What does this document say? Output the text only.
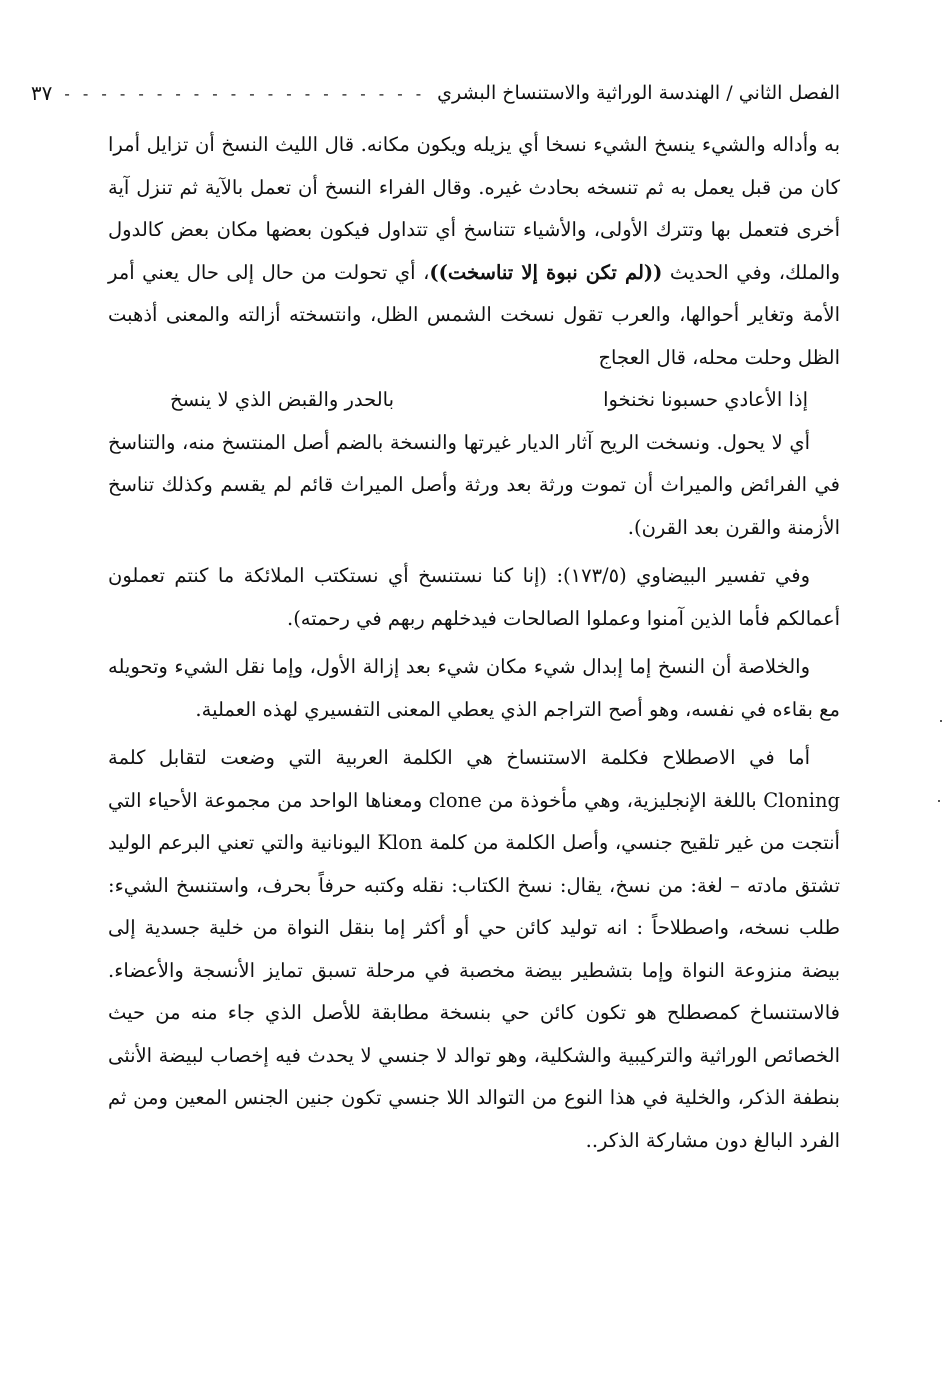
الفصل الثاني / الهندسة الوراثية والاستنساخ البشري
- - - - - - - - - - - - - - - - - - - -
٣٧

به وأداله والشيء ينسخ الشيء نسخا أي يزيله ويكون مكانه. قال الليث النسخ أن تزايل أمرا كان من قبل يعمل به ثم تنسخه بحادث غيره. وقال الفراء النسخ أن تعمل بالآية ثم تنزل آية أخرى فتعمل بها وتترك الأولى، والأشياء تتناسخ أي تتداول فيكون بعضها مكان بعض كالدول والملك، وفي الحديث ((لم تكن نبوة إلا تناسخت))، أي تحولت من حال إلى حال يعني أمر الأمة وتغاير أحوالها، والعرب تقول نسخت الشمس الظل، وانتسخته أزالته والمعنى أذهبت الظل وحلت محله، قال العجاج

إذا الأعادي حسبونا نخنخوا
بالحدر والقبض الذي لا ينسخ

أي لا يحول. ونسخت الريح آثار الديار غيرتها والنسخة بالضم أصل المنتسخ منه، والتناسخ في الفرائض والميراث أن تموت ورثة بعد ورثة وأصل الميراث قائم لم يقسم وكذلك تناسخ الأزمنة والقرن بعد القرن).

وفي تفسير البيضاوي (١٧٣/٥): (إنا كنا نستنسخ أي نستكتب الملائكة ما كنتم تعملون أعمالكم فأما الذين آمنوا وعملوا الصالحات فيدخلهم ربهم في رحمته).

والخلاصة أن النسخ إما إبدال شيء مكان شيء بعد إزالة الأول، وإما نقل الشيء وتحويله مع بقاءه في نفسه، وهو أصح التراجم الذي يعطي المعنى التفسيري لهذه العملية.

أما في الاصطلاح فكلمة الاستنساخ هي الكلمة العربية التي وضعت لتقابل كلمة Cloning باللغة الإنجليزية، وهي مأخوذة من clone ومعناها الواحد من مجموعة الأحياء التي أنتجت من غير تلقيح جنسي، وأصل الكلمة من كلمة Klon اليونانية والتي تعني البرعم الوليد تشتق مادته – لغة: من نسخ، يقال: نسخ الكتاب: نقله وكتبه حرفاً بحرف، واستنسخ الشيء: طلب نسخه، واصطلاحاً : انه توليد كائن حي أو أكثر إما بنقل النواة من خلية جسدية إلى بيضة منزوعة النواة وإما بتشطير بيضة مخصبة في مرحلة تسبق تمايز الأنسجة والأعضاء. فالاستنساخ كمصطلح هو تكون كائن حي بنسخة مطابقة للأصل الذي جاء منه من حيث الخصائص الوراثية والتركيبية والشكلية، وهو توالد لا جنسي لا يحدث فيه إخصاب لبيضة الأنثى بنطفة الذكر، والخلية في هذا النوع من التوالد اللا جنسي تكون جنين الجنس المعين ومن ثم الفرد البالغ دون مشاركة الذكر..
